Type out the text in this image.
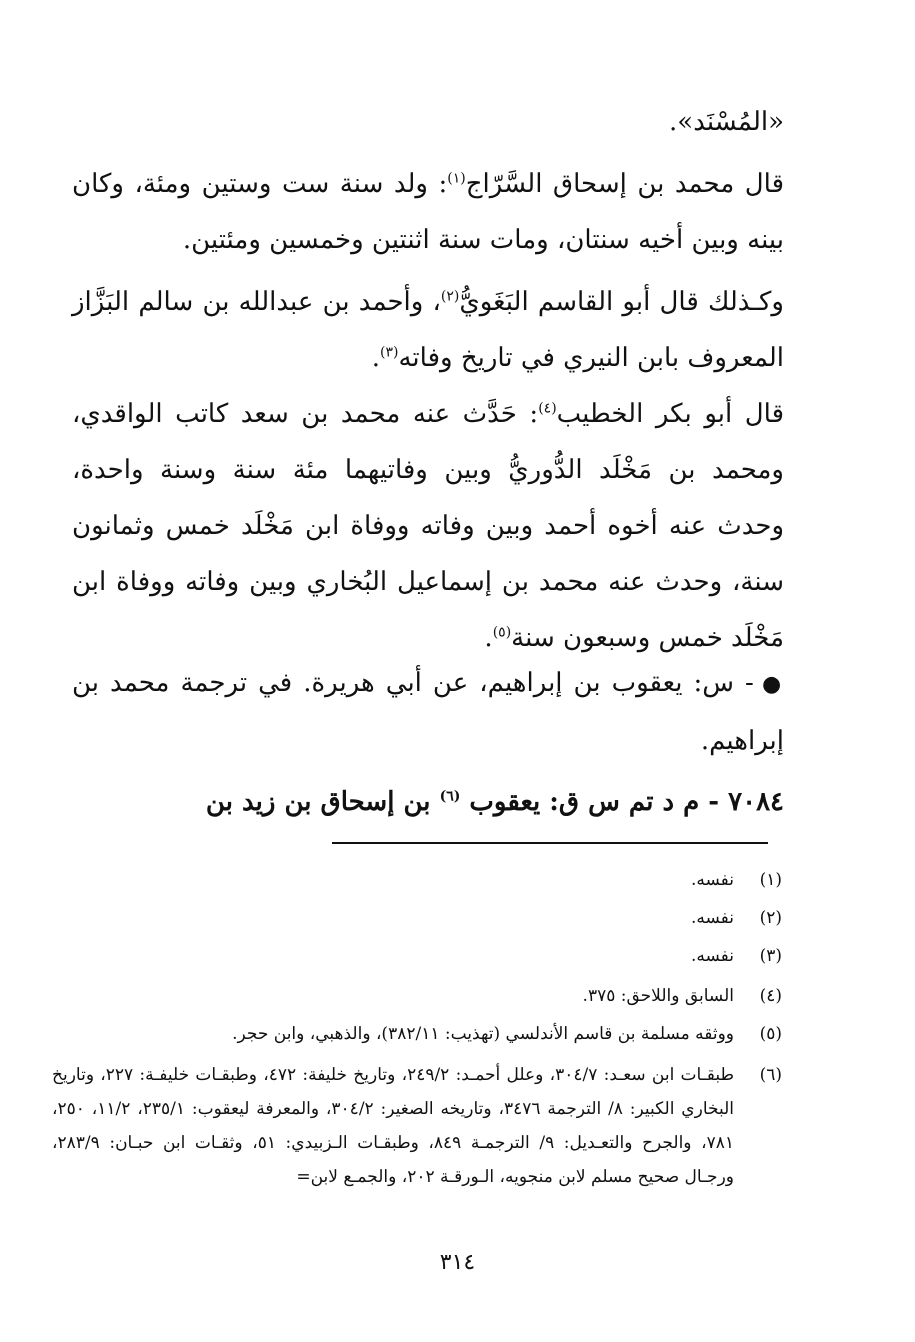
«المُسْنَد».
قال محمد بن إسحاق السَّرّاج$^{(١)}$: ولد سنة ست وستين ومئة، وكان بينه وبين أخيه سنتان، ومات سنة اثنتين وخمسين ومئتين.
وكـذلك قال أبو القاسم البَغَويُّ$^{(٢)}$، وأحمد بن عبدالله بن سالم البَزَّاز المعروف بابن النيري في تاريخ وفاته$^{(٣)}$.
قال أبو بكر الخطيب$^{(٤)}$: حَدَّث عنه محمد بن سعد كاتب الواقدي، ومحمد بن مَخْلَد الدُّوريُّ وبين وفاتيهما مئة سنة وسنة واحدة، وحدث عنه أخوه أحمد وبين وفاته ووفاة ابن مَخْلَد خمس وثمانون سنة، وحدث عنه محمد بن إسماعيل البُخاري وبين وفاته ووفاة ابن مَخْلَد خمس وسبعون سنة$^{(٥)}$.
● - س: يعقوب بن إبراهيم، عن أبي هريرة. في ترجمة محمد بن إبراهيم.
٧٠٨٤ - م د تم س ق: يعقوب $^{(٦)}$ بن إسحاق بن زيد بن
(١)
نفسه.
(٢)
نفسه.
(٣)
نفسه.
(٤)
السابق واللاحق: ٣٧٥.
(٥)
ووثقه مسلمة بن قاسم الأندلسي (تهذيب: ٣٨٢/١١)، والذهبي، وابن حجر.
(٦)
طبقـات ابن سعـد: ٣٠٤/٧، وعلل أحمـد: ٢٤٩/٢، وتاريخ خليفة: ٤٧٢، وطبقـات خليفـة: ٢٢٧، وتاريخ البخاري الكبير: ٨/ الترجمة ٣٤٧٦، وتاريخه الصغير: ٣٠٤/٢، والمعرفة ليعقوب: ٢٣٥/١، ١١/٢، ٢٥٠، ٧٨١، والجرح والتعـديل: ٩/ الترجمـة ٨٤٩، وطبقـات الـزبيدي: ٥١، وثقـات ابن حبـان: ٢٨٣/٩، ورجـال صحيح مسلم لابن منجويه، الـورقـة ٢٠٢، والجمـع لابن=
٣١٤
